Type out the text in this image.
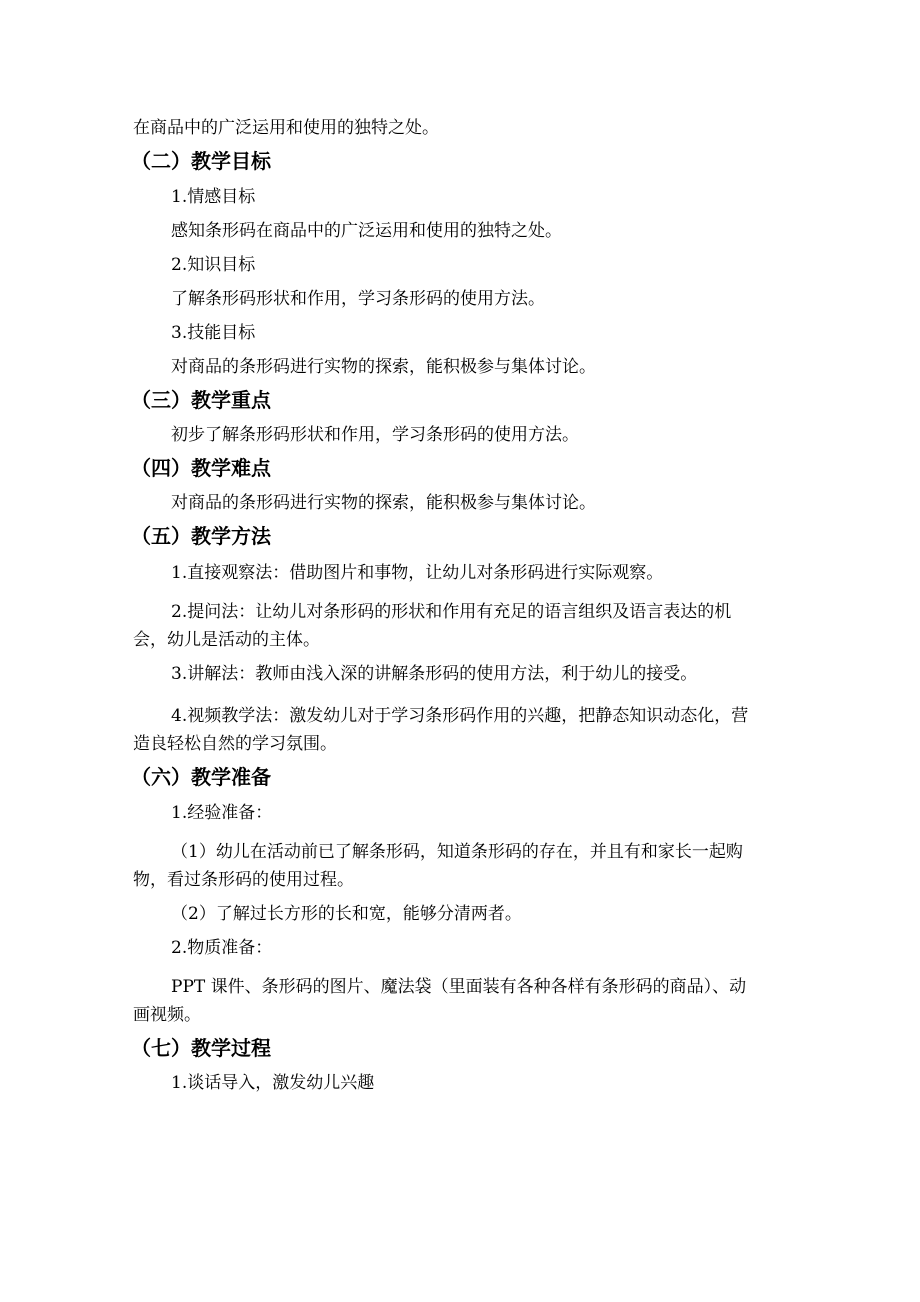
在商品中的广泛运用和使用的独特之处。
（二）教学目标
1.情感目标
感知条形码在商品中的广泛运用和使用的独特之处。
2.知识目标
了解条形码形状和作用，学习条形码的使用方法。
3.技能目标
对商品的条形码进行实物的探索，能积极参与集体讨论。
（三）教学重点
初步了解条形码形状和作用，学习条形码的使用方法。
（四）教学难点
对商品的条形码进行实物的探索，能积极参与集体讨论。
（五）教学方法
1.直接观察法：借助图片和事物，让幼儿对条形码进行实际观察。
2.提问法：让幼儿对条形码的形状和作用有充足的语言组织及语言表达的机
会，幼儿是活动的主体。
3.讲解法：教师由浅入深的讲解条形码的使用方法，利于幼儿的接受。
4.视频教学法：激发幼儿对于学习条形码作用的兴趣，把静态知识动态化，营
造良轻松自然的学习氛围。
（六）教学准备
1.经验准备：
（1）幼儿在活动前已了解条形码，知道条形码的存在，并且有和家长一起购
物，看过条形码的使用过程。
（2）了解过长方形的长和宽，能够分清两者。
2.物质准备：
PPT 课件、条形码的图片、魔法袋（里面装有各种各样有条形码的商品）、动
画视频。
（七）教学过程
1.谈话导入，激发幼儿兴趣
